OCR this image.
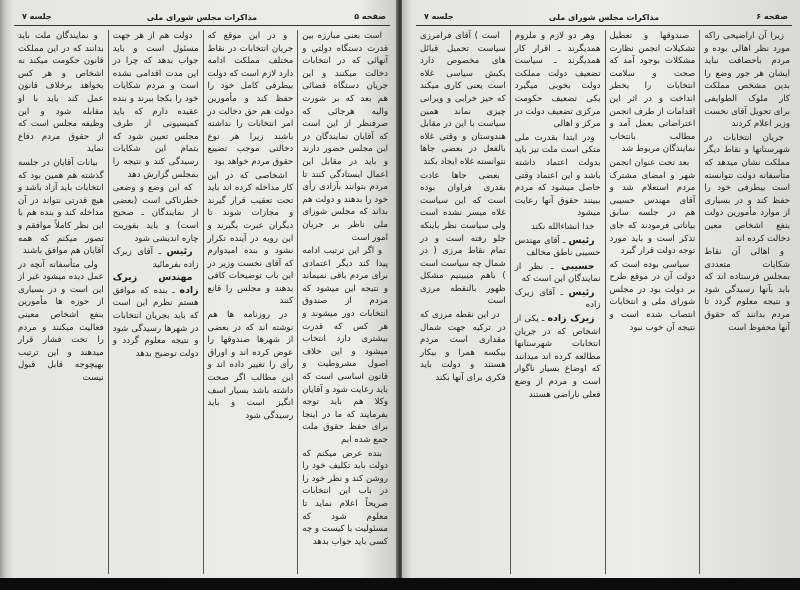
صفحه ۵
مذاکرات مجلس شورای ملی
جلسه ۷

است بعنی مبارزه بین قدرت دستگاه دولتی و آنهائی که در انتخابات دخالت میکنند و این جریان دستگاه قضائی هم بعد که بر شورت والیه هرجائی که صرفنظر از این است که آقایان نمایندگان در این مجلس حضور دارند و باید در مقابل این اعمال ایستادگی کنند تا مردم بتوانند بآزادی رأی خود را بدهند و دولت هم بداند که مجلس شورای ملی ناظر بر جریان امور است

و اگر این ترتیب ادامه پیدا کند دیگر اعتمادی برای مردم باقی نمیماند و نتیجه این میشود که مردم از صندوق انتخابات دور میشوند و هر کس که قدرت بیشتری دارد انتخاب میشود و این خلاف اصول مشروطیت و قانون اساسی است که باید رعایت شود و آقایان وکلا هم باید توجه بفرمایند که ما در اینجا برای حفظ حقوق ملت جمع شده ایم

بنده عرض میکنم که دولت باید تکلیف خود را روشن کند و نظر خود را در باب این انتخابات صریحاً اعلام نماید تا معلوم شود که مسئولیت با کیست و چه کسی باید جواب بدهد

و در این موقع که جریان انتخابات در نقاط مختلف مملکت ادامه دارد لازم است که دولت بیطرفی کامل خود را حفظ کند و مأمورین دولت هم حق دخالت در امر انتخابات را نداشته باشند زیرا هر نوع دخالتی موجب تضییع حقوق مردم خواهد بود

اشخاصی که در این کار مداخله کرده اند باید تحت تعقیب قرار گیرند و مجازات شوند تا دیگران عبرت بگیرند و این رویه در آینده تکرار نشود و بنده امیدوارم که آقای نخست وزیر در این باب توضیحات کافی بدهند و مجلس را قانع کنند

در روزنامه ها هم نوشته اند که در بعضی از شهرها صندوقها را عوض کرده اند و اوراق رأی را تغییر داده اند و این مطالب اگر صحت داشته باشد بسیار اسف انگیز است و باید رسیدگی شود

دولت هم از هر جهت مسئول است و باید جواب بدهد که چرا در این مدت اقدامی نشده است و مردم شکایات خود را بکجا ببرند و بنده عقیده دارم که باید کمیسیونی از طرف مجلس تعیین شود که بتمام این شکایات رسیدگی کند و نتیجه را بمجلس گزارش دهد

که این وضع و وضعی خطرناکی است (بعضی از نمایندگان ـ صحیح است) و باید بفوریت چاره اندیشی شود

رئیس ـ آقای زیرک زاده بفرمائید

مهندس زیرک زاده ـ بنده که موافق هستم نظرم این است که باید بجریان انتخابات در شهرها رسیدگی شود و نتیجه معلوم گردد و دولت توضیح بدهد

و نمایندگان ملت باید بدانند که در این مملکت قانون حکومت میکند نه اشخاص و هر کس بخواهد برخلاف قانون عمل کند باید با او مقابله شود و این وظیفه مجلس است که از حقوق مردم دفاع نماید

بیانات آقایان در جلسه گذشته هم همین بود که انتخابات باید آزاد باشد و هیچ قدرتی نتواند در آن مداخله کند و بنده هم با این نظر کاملاً موافقم و تصور میکنم که همه آقایان هم موافق باشند

ولی متأسفانه آنچه در عمل دیده میشود غیر از این است و در بسیاری از حوزه ها مأمورین بنفع اشخاص معینی فعالیت میکنند و مردم را تحت فشار قرار میدهند و این ترتیب بهیچوجه قابل قبول نیست

صفحه ۶
مذاکرات مجلس شورای ملی
جلسه ۷

زیرا آن اراضیحی راکه مورد نظر اهالی بوده و مردم باحضاقت نباید ایشان هر جور وضع را بدین مشخص مملکت کار ملوک الطوایفی برای تحویل آقای نخست وزیر اعلام کردند

جریان انتخابات در شهرستانها و نقاط دیگر مملکت نشان میدهد که متأسفانه دولت نتوانسته است بیطرفی خود را حفظ کند و در بسیاری از موارد مأمورین دولت بنفع اشخاص معین دخالت کرده اند

و اهالی آن نقاط شکایات متعددی بمجلس فرستاده اند که باید بآنها رسیدگی شود و نتیجه معلوم گردد تا مردم بدانند که حقوق آنها محفوظ است

صندوقها و تعطیل تشکیلات انجمن نظارت مشکلات بوجود آمد که صحت و سلامت انتخابات را بخطر انداخت و در اثر این اقدامات از طرف انجمن اعتراضاتی بعمل آمد و مطالب بانتخاب نمایندگان مربوط شد

بعد تحت عنوان انجمن شهر و امضای مشترک مردم استعلام شد و آقای مهندس حسیبی هم در جلسه سابق بیاناتی فرمودند که جای تذکر است و باید مورد توجه دولت قرار گیرد

سیاسی بوده است که دولت آن در موقع طرح بر دولت بود در مجلس شورای ملی و انتخابات انتصاب شده است و نتیجه آن خوب نبود

وهر دو لازم و ملزوم همدیگرند ـ اقرار کار همدیگرند ـ سیاست تضعیف دولت مملکت دولت بخوبی میگیرد یکی تضعیف حکومت مرکزی تضعیف دولت در مرکز و اهالی

ودر ابتدا بقدرت ملی متکی است ملت نیز باید بدولت اعتماد داشته باشد و این اعتماد وقتی حاصل میشود که مردم ببینند حقوق آنها رعایت میشود

خدا انشاءالله نکند

رئیس ـ آقای مهندس حسیبی ناطق مخالف

حسیبی ـ نظر از نمایندگان این است که

رئیس ـ آقای زیرک زاده

زیرک زاده ـ یکی از اشخاص که در جریان انتخابات شهرستانها مطالعه کرده اند میدانند که اوضاع بسیار ناگوار است و مردم از وضع فعلی ناراضی هستند

است ) آقای فرامرزی سیاست تحمیل قبائل های مخصوص دارد یکبش سیاسی غلاه است یعنی کاری میکند که حیز خرابی و ویرانی چیزی نماند همین سیاست با این در مقابل هندوستان و وقتی غلاه بالفعل در بعضی جاها نتوانسته غلاه ایجاد بکند

بعضی جاها عادت بقدری فراوان بوده است که این سیاست غلاه میسر نشده است ولی سیاست نظر باینکه جلو رفته است و در تمام نقاط مرزی ( در شمال چه سیاست است ) باهم میبینیم مشکل ظهور بالنقطه مرزی است

در این نقطه مرزی که در ترکیه جهت شمال مقداری است مردم بیکسه همرا و بیکار هستند و دولت باید فکری برای آنها بکند
